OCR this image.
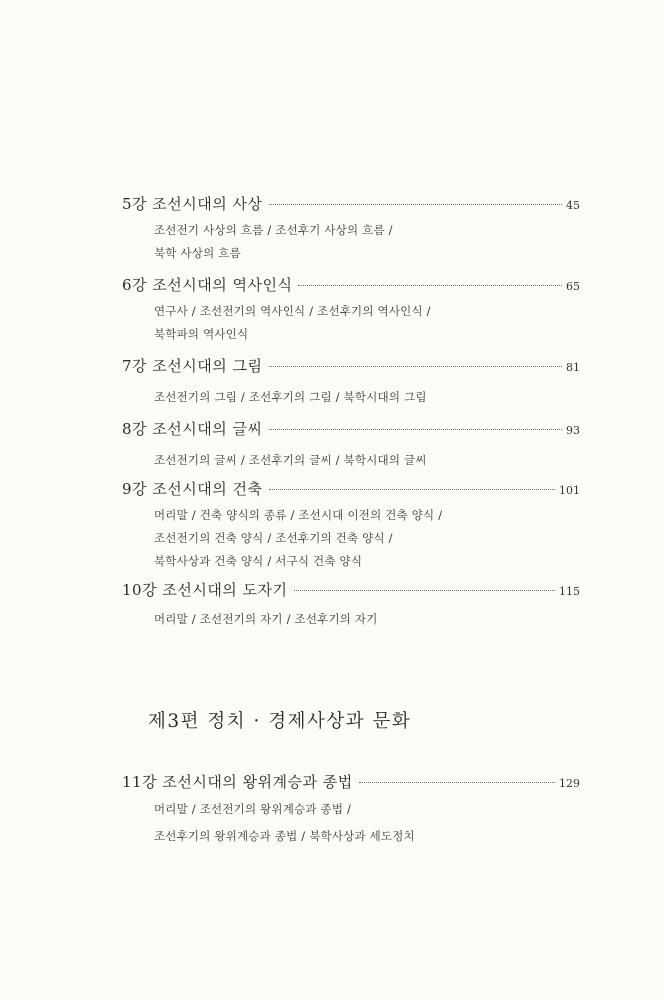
5강 조선시대의 사상	45
조선전기 사상의 흐름 / 조선후기 사상의 흐름 /
북학 사상의 흐름
6강 조선시대의 역사인식	65
연구사 / 조선전기의 역사인식 / 조선후기의 역사인식 /
북학파의 역사인식
7강 조선시대의 그림	81
조선전기의 그림 / 조선후기의 그림 / 북학시대의 그림
8강 조선시대의 글씨	93
조선전기의 글씨 / 조선후기의 글씨 / 북학시대의 글씨
9강 조선시대의 건축	101
머리말 / 건축 양식의 종류 / 조선시대 이전의 건축 양식 /
조선전기의 건축 양식 / 조선후기의 건축 양식 /
북학사상과 건축 양식 / 서구식 건축 양식
10강 조선시대의 도자기	115
머리말 / 조선전기의 자기 / 조선후기의 자기
제3편 정치 · 경제사상과 문화
11강 조선시대의 왕위계승과 종법	129
머리말 / 조선전기의 왕위계승과 종법 /
조선후기의 왕위계승과 종법 / 북학사상과 세도정치
